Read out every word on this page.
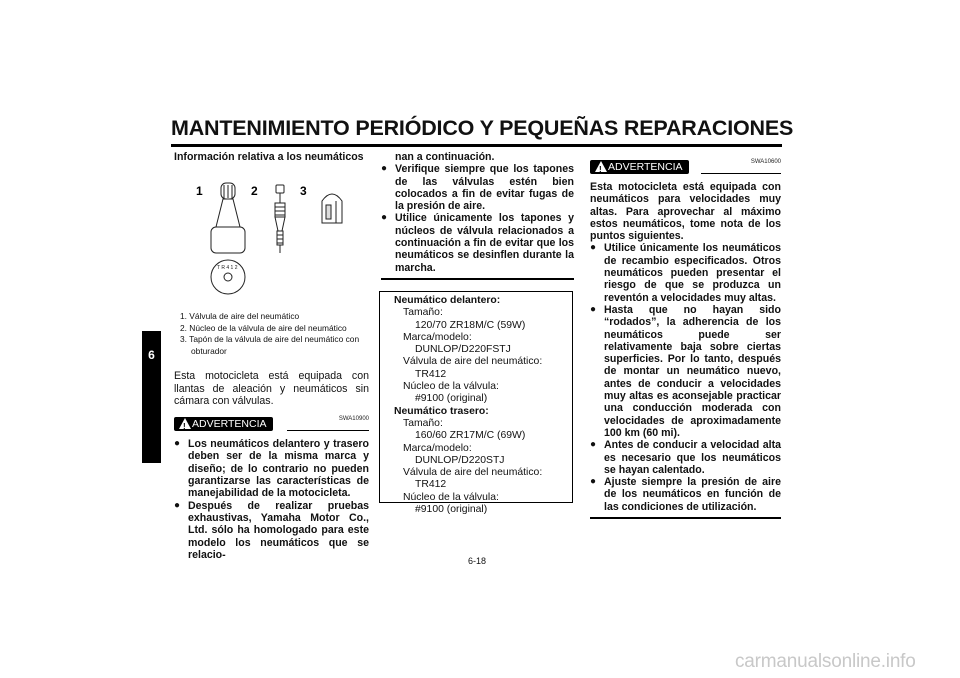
MANTENIMIENTO PERIÓDICO Y PEQUEÑAS REPARACIONES
6
Información relativa a los neumáticos
1	2	3
T R 4 1 2
1. Válvula de aire del neumático
2. Núcleo de la válvula de aire del neumático
3. Tapón de la válvula de aire del neumático con obturador
Esta motocicleta está equipada con llantas de aleación y neumáticos sin cámara con válvulas.
SWA10900
!
ADVERTENCIA
● Los neumáticos delantero y trasero deben ser de la misma marca y diseño; de lo contrario no pueden garantizarse las características de manejabilidad de la motocicleta.
● Después de realizar pruebas exhaustivas, Yamaha Motor Co., Ltd. sólo ha homologado para este modelo los neumáticos que se relacio-
nan a continuación.
● Verifique siempre que los tapones de las válvulas estén bien colocados a fin de evitar fugas de la presión de aire.
● Utilice únicamente los tapones y núcleos de válvula relacionados a continuación a fin de evitar que los neumáticos se desinflen durante la marcha.
Neumático delantero:
Tamaño:
120/70 ZR18M/C (59W)
Marca/modelo:
DUNLOP/D220FSTJ
Válvula de aire del neumático:
TR412
Núcleo de la válvula:
#9100 (original)
Neumático trasero:
Tamaño:
160/60 ZR17M/C (69W)
Marca/modelo:
DUNLOP/D220STJ
Válvula de aire del neumático:
TR412
Núcleo de la válvula:
#9100 (original)
SWA10600
!
ADVERTENCIA
Esta motocicleta está equipada con neumáticos para velocidades muy altas. Para aprovechar al máximo estos neumáticos, tome nota de los puntos siguientes.
● Utilice únicamente los neumáticos de recambio especificados. Otros neumáticos pueden presentar el riesgo de que se produzca un reventón a velocidades muy altas.
● Hasta que no hayan sido “rodados”, la adherencia de los neumáticos puede ser relativamente baja sobre ciertas superficies. Por lo tanto, después de montar un neumático nuevo, antes de conducir a velocidades muy altas es aconsejable practicar una conducción moderada con velocidades de aproximadamente 100 km (60 mi).
● Antes de conducir a velocidad alta es necesario que los neumáticos se hayan calentado.
● Ajuste siempre la presión de aire de los neumáticos en función de las condiciones de utilización.
6-18
carmanualsonline.info
